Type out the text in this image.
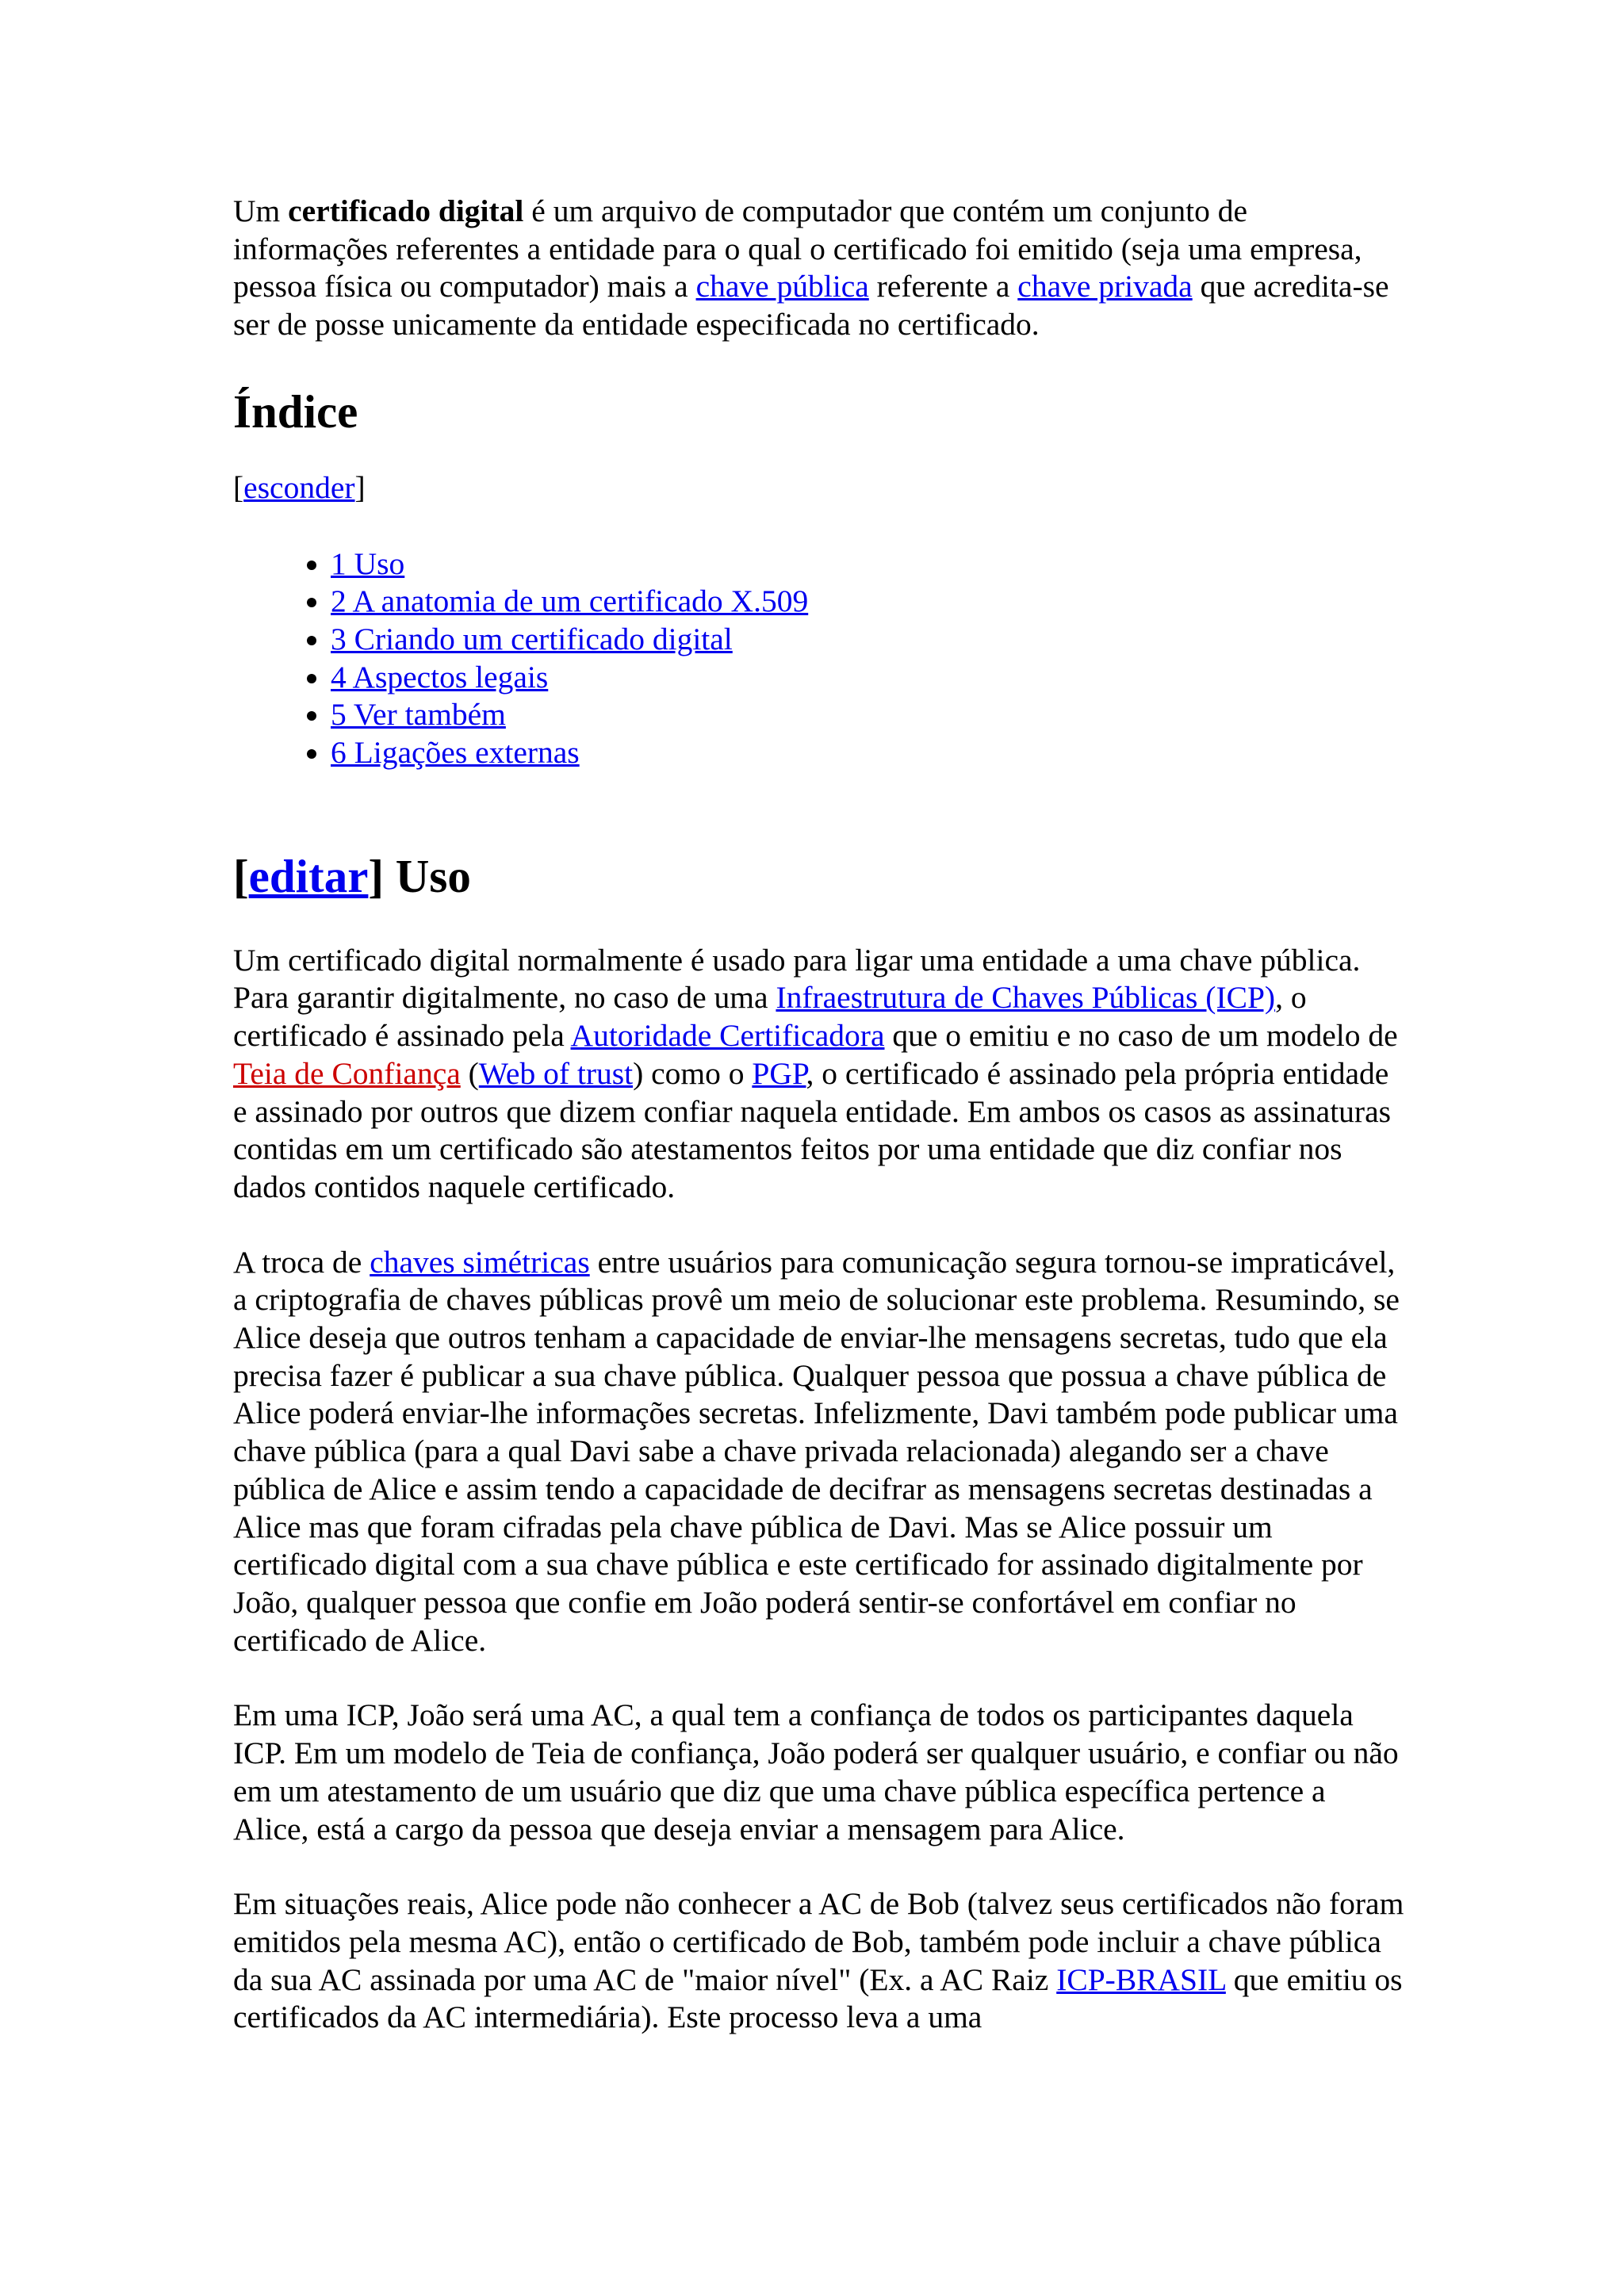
Um certificado digital é um arquivo de computador que contém um conjunto de informações referentes a entidade para o qual o certificado foi emitido (seja uma empresa, pessoa física ou computador) mais a chave pública referente a chave privada que acredita-se ser de posse unicamente da entidade especificada no certificado.

Índice

[esconder]

• 1 Uso
• 2 A anatomia de um certificado X.509
• 3 Criando um certificado digital
• 4 Aspectos legais
• 5 Ver também
• 6 Ligações externas
[editar] Uso

Um certificado digital normalmente é usado para ligar uma entidade a uma chave pública. Para garantir digitalmente, no caso de uma Infraestrutura de Chaves Públicas (ICP), o certificado é assinado pela Autoridade Certificadora que o emitiu e no caso de um modelo de Teia de Confiança (Web of trust) como o PGP, o certificado é assinado pela própria entidade e assinado por outros que dizem confiar naquela entidade. Em ambos os casos as assinaturas contidas em um certificado são atestamentos feitos por uma entidade que diz confiar nos dados contidos naquele certificado.

A troca de chaves simétricas entre usuários para comunicação segura tornou-se impraticável, a criptografia de chaves públicas provê um meio de solucionar este problema. Resumindo, se Alice deseja que outros tenham a capacidade de enviar-lhe mensagens secretas, tudo que ela precisa fazer é publicar a sua chave pública. Qualquer pessoa que possua a chave pública de Alice poderá enviar-lhe informações secretas. Infelizmente, Davi também pode publicar uma chave pública (para a qual Davi sabe a chave privada relacionada) alegando ser a chave pública de Alice e assim tendo a capacidade de decifrar as mensagens secretas destinadas a Alice mas que foram cifradas pela chave pública de Davi. Mas se Alice possuir um certificado digital com a sua chave pública e este certificado for assinado digitalmente por João, qualquer pessoa que confie em João poderá sentir-se confortável em confiar no certificado de Alice.

Em uma ICP, João será uma AC, a qual tem a confiança de todos os participantes daquela ICP. Em um modelo de Teia de confiança, João poderá ser qualquer usuário, e confiar ou não em um atestamento de um usuário que diz que uma chave pública específica pertence a Alice, está a cargo da pessoa que deseja enviar a mensagem para Alice.

Em situações reais, Alice pode não conhecer a AC de Bob (talvez seus certificados não foram emitidos pela mesma AC), então o certificado de Bob, também pode incluir a chave pública da sua AC assinada por uma AC de "maior nível" (Ex. a AC Raiz ICP-BRASIL que emitiu os certificados da AC intermediária). Este processo leva a uma
